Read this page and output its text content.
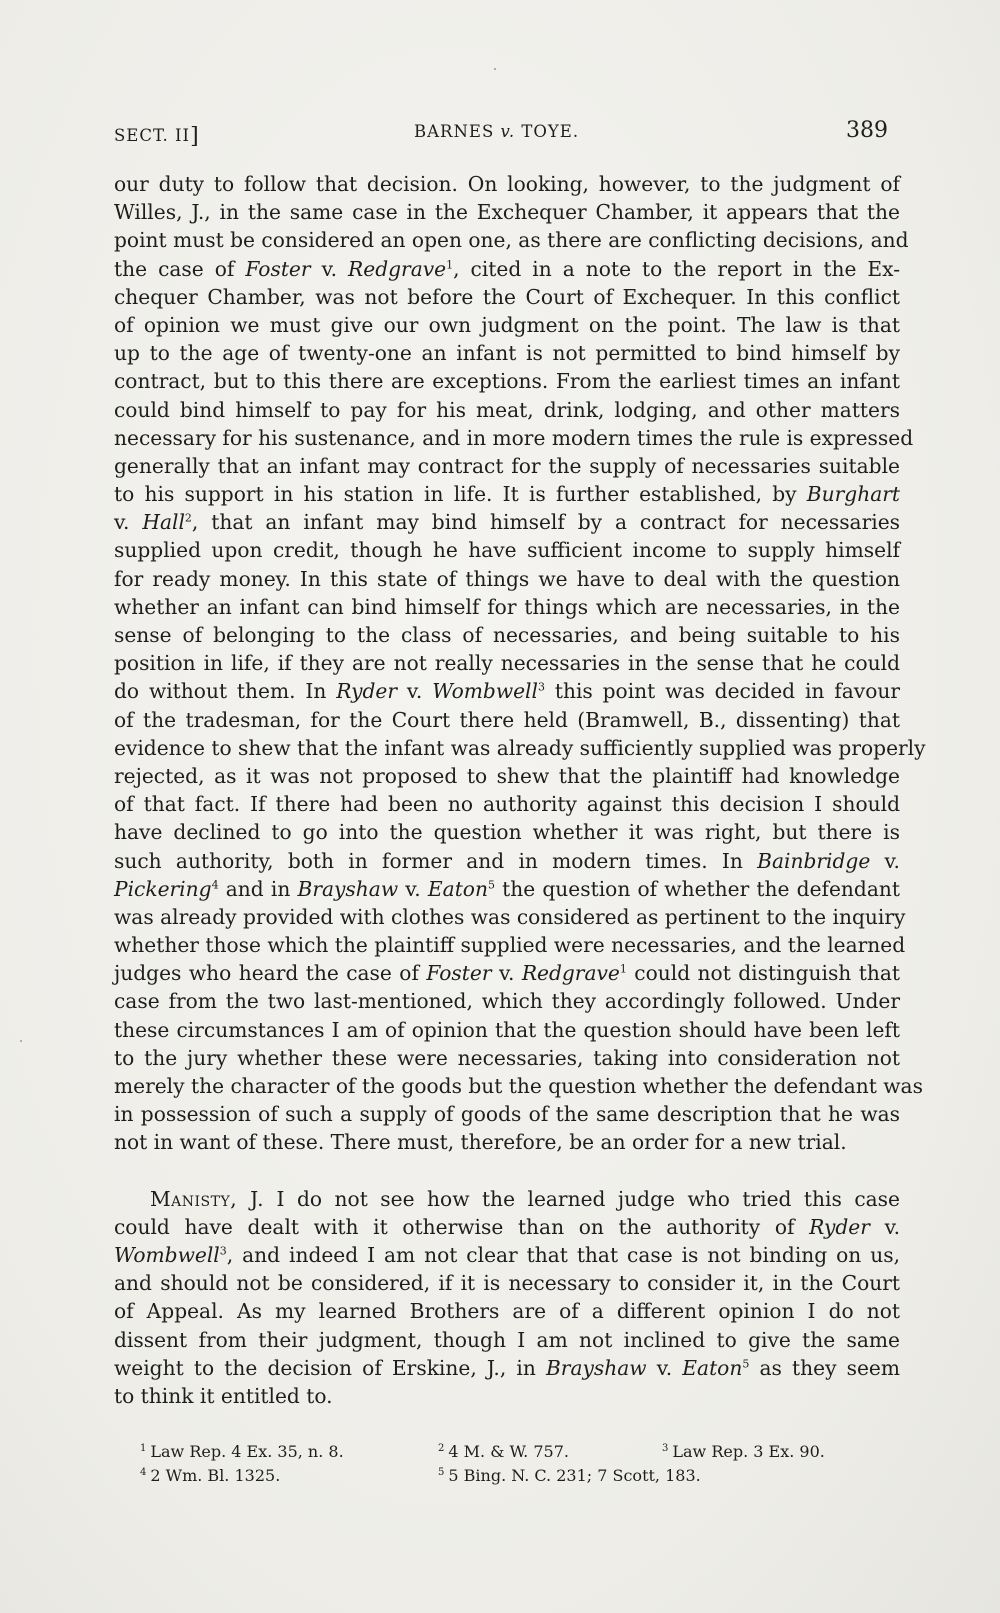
SECT. II]	BARNES v. TOYE.	389
our duty to follow that decision. On looking, however, to the judgment of
Willes, J., in the same case in the Exchequer Chamber, it appears that the
point must be considered an open one, as there are conflicting decisions, and
the case of Foster v. Redgrave$^1$, cited in a note to the report in the Ex-
chequer Chamber, was not before the Court of Exchequer. In this conflict
of opinion we must give our own judgment on the point. The law is that
up to the age of twenty-one an infant is not permitted to bind himself by
contract, but to this there are exceptions. From the earliest times an infant
could bind himself to pay for his meat, drink, lodging, and other matters
necessary for his sustenance, and in more modern times the rule is expressed
generally that an infant may contract for the supply of necessaries suitable
to his support in his station in life. It is further established, by Burghart
v. Hall$^2$, that an infant may bind himself by a contract for necessaries
supplied upon credit, though he have sufficient income to supply himself
for ready money. In this state of things we have to deal with the question
whether an infant can bind himself for things which are necessaries, in the
sense of belonging to the class of necessaries, and being suitable to his
position in life, if they are not really necessaries in the sense that he could
do without them. In Ryder v. Wombwell$^3$ this point was decided in favour
of the tradesman, for the Court there held (Bramwell, B., dissenting) that
evidence to shew that the infant was already sufficiently supplied was properly
rejected, as it was not proposed to shew that the plaintiff had knowledge
of that fact. If there had been no authority against this decision I should
have declined to go into the question whether it was right, but there is
such authority, both in former and in modern times. In Bainbridge v.
Pickering$^4$ and in Brayshaw v. Eaton$^5$ the question of whether the defendant
was already provided with clothes was considered as pertinent to the inquiry
whether those which the plaintiff supplied were necessaries, and the learned
judges who heard the case of Foster v. Redgrave$^1$ could not distinguish that
case from the two last-mentioned, which they accordingly followed. Under
these circumstances I am of opinion that the question should have been left
to the jury whether these were necessaries, taking into consideration not
merely the character of the goods but the question whether the defendant was
in possession of such a supply of goods of the same description that he was
not in want of these. There must, therefore, be an order for a new trial.
Manisty, J. I do not see how the learned judge who tried this case
could have dealt with it otherwise than on the authority of Ryder v.
Wombwell$^3$, and indeed I am not clear that that case is not binding on us,
and should not be considered, if it is necessary to consider it, in the Court
of Appeal. As my learned Brothers are of a different opinion I do not
dissent from their judgment, though I am not inclined to give the same
weight to the decision of Erskine, J., in Brayshaw v. Eaton$^5$ as they seem
to think it entitled to.
$^1$ Law Rep. 4 Ex. 35, n. 8.	$^2$ 4 M. & W. 757.	$^3$ Law Rep. 3 Ex. 90.
$^4$ 2 Wm. Bl. 1325.	$^5$ 5 Bing. N. C. 231; 7 Scott, 183.
